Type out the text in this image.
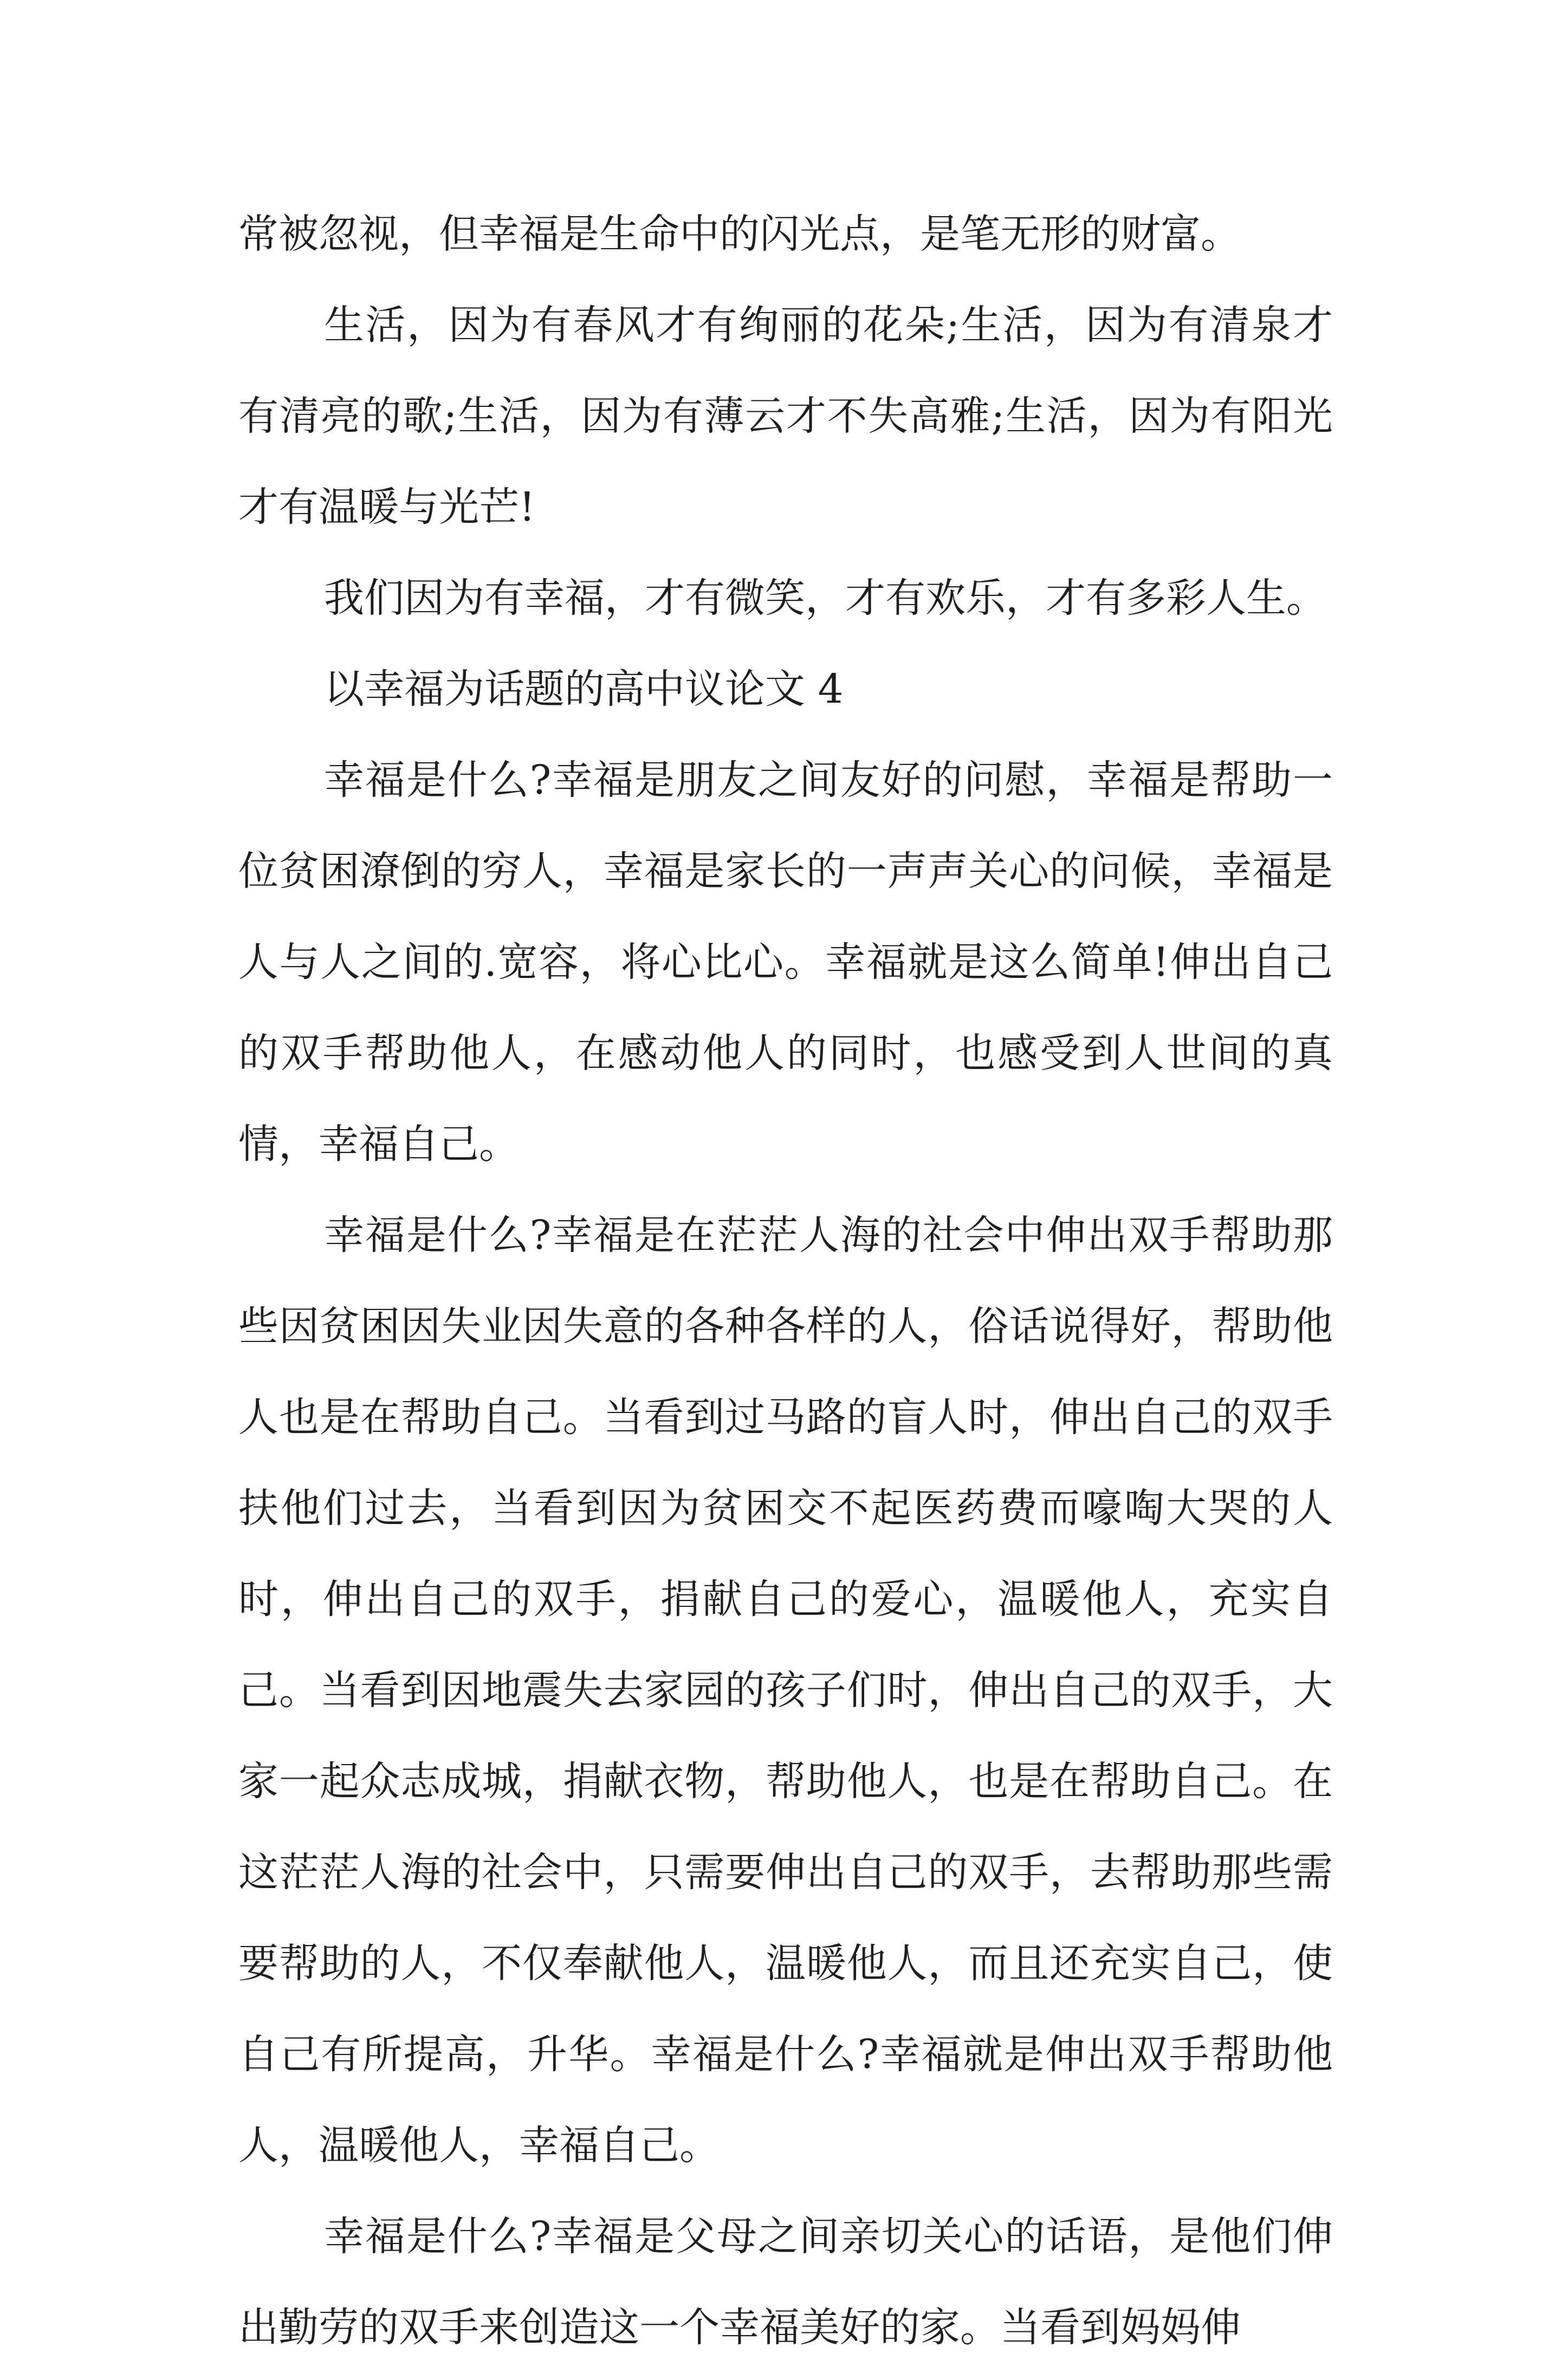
常被忽视，但幸福是生命中的闪光点，是笔无形的财富。

生活，因为有春风才有绚丽的花朵;生活，因为有清泉才有清亮的歌;生活，因为有薄云才不失高雅;生活，因为有阳光才有温暖与光芒!

我们因为有幸福，才有微笑，才有欢乐，才有多彩人生。

以幸福为话题的高中议论文 4

幸福是什么?幸福是朋友之间友好的问慰，幸福是帮助一位贫困潦倒的穷人，幸福是家长的一声声关心的问候，幸福是人与人之间的.宽容，将心比心。幸福就是这么简单!伸出自己的双手帮助他人，在感动他人的同时，也感受到人世间的真情，幸福自己。

幸福是什么?幸福是在茫茫人海的社会中伸出双手帮助那些因贫困因失业因失意的各种各样的人，俗话说得好，帮助他人也是在帮助自己。当看到过马路的盲人时，伸出自己的双手扶他们过去，当看到因为贫困交不起医药费而嚎啕大哭的人时，伸出自己的双手，捐献自己的爱心，温暖他人，充实自己。当看到因地震失去家园的孩子们时，伸出自己的双手，大家一起众志成城，捐献衣物，帮助他人，也是在帮助自己。在这茫茫人海的社会中，只需要伸出自己的双手，去帮助那些需要帮助的人，不仅奉献他人，温暖他人，而且还充实自己，使自己有所提高，升华。幸福是什么?幸福就是伸出双手帮助他人，温暖他人，幸福自己。

幸福是什么?幸福是父母之间亲切关心的话语，是他们伸出勤劳的双手来创造这一个幸福美好的家。当看到妈妈伸
